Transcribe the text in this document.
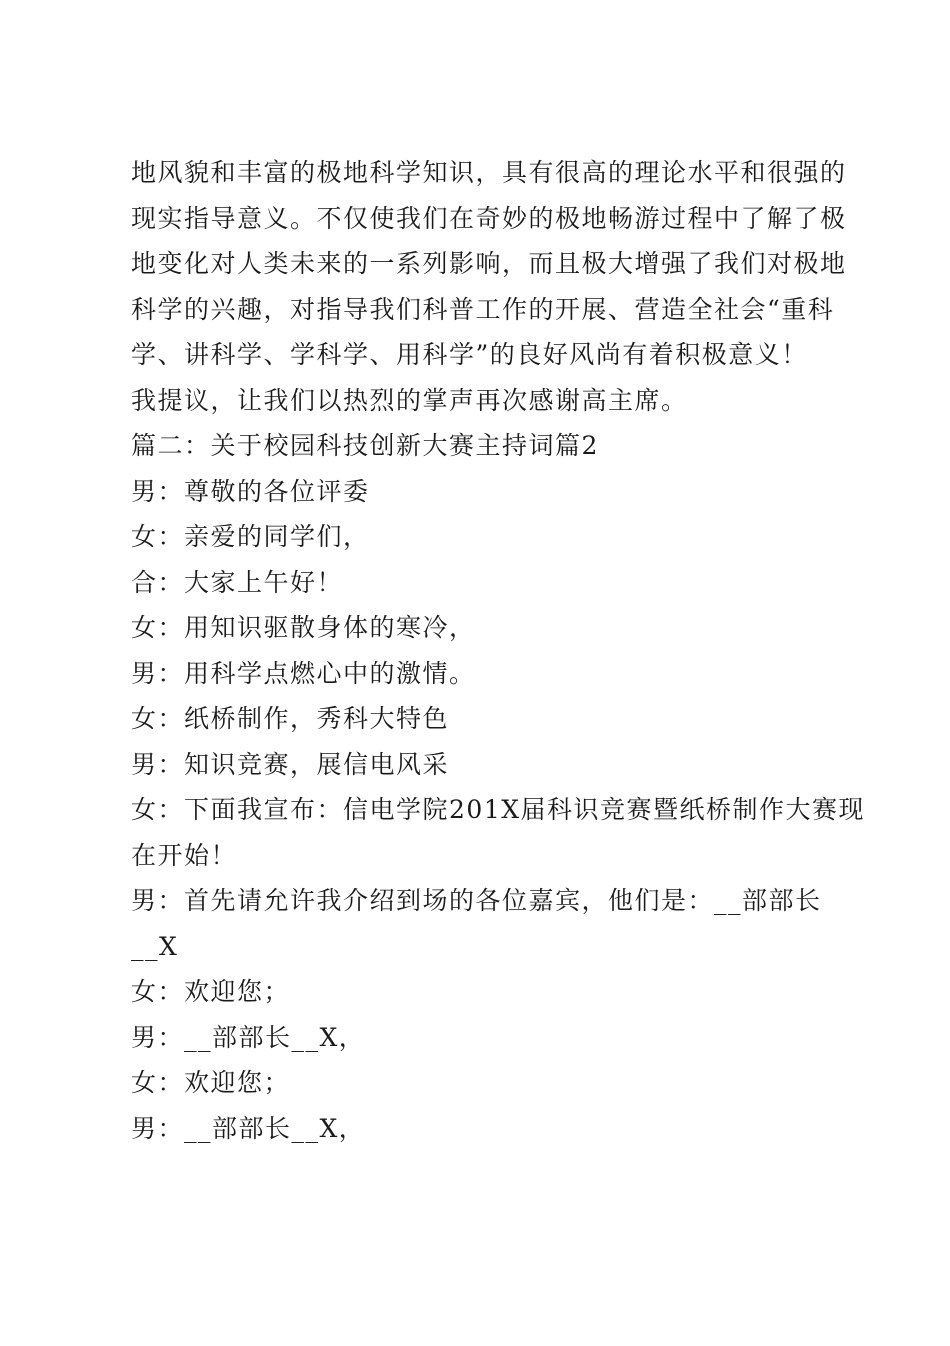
地风貌和丰富的极地科学知识，具有很高的理论水平和很强的
现实指导意义。不仅使我们在奇妙的极地畅游过程中了解了极
地变化对人类未来的一系列影响，而且极大增强了我们对极地
科学的兴趣，对指导我们科普工作的开展、营造全社会“重科
学、讲科学、学科学、用科学”的良好风尚有着积极意义！
我提议，让我们以热烈的掌声再次感谢高主席。
篇二：关于校园科技创新大赛主持词篇2
男：尊敬的各位评委
女：亲爱的同学们，
合：大家上午好！
女：用知识驱散身体的寒冷，
男：用科学点燃心中的激情。
女：纸桥制作，秀科大特色
男：知识竞赛，展信电风采
女：下面我宣布：信电学院201X届科识竞赛暨纸桥制作大赛现
在开始！
男：首先请允许我介绍到场的各位嘉宾，他们是：__部部长
__X
女：欢迎您；
男：__部部长__X，
女：欢迎您；
男：__部部长__X，
